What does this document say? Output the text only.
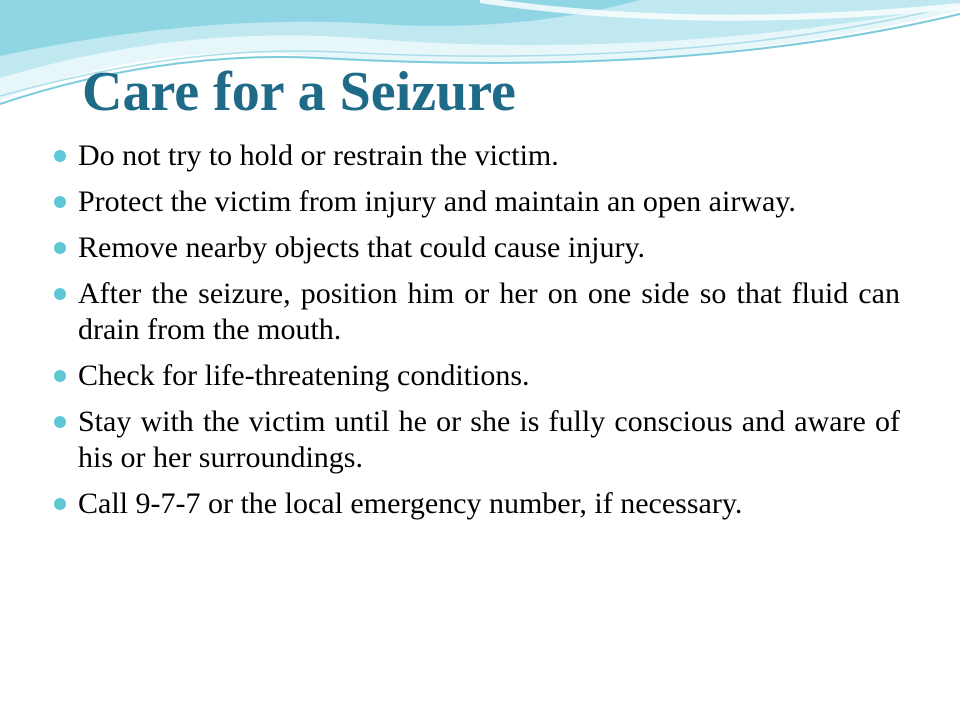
Care for a Seizure
Do not try to hold or restrain the victim.
Protect the victim from injury and maintain an open airway.
Remove nearby objects that could cause injury.
After the seizure, position him or her on one side so that fluid can drain from the mouth.
Check for life-threatening conditions.
Stay with the victim until he or she is fully conscious and aware of his or her surroundings.
Call 9-7-7 or the local emergency number, if necessary.
